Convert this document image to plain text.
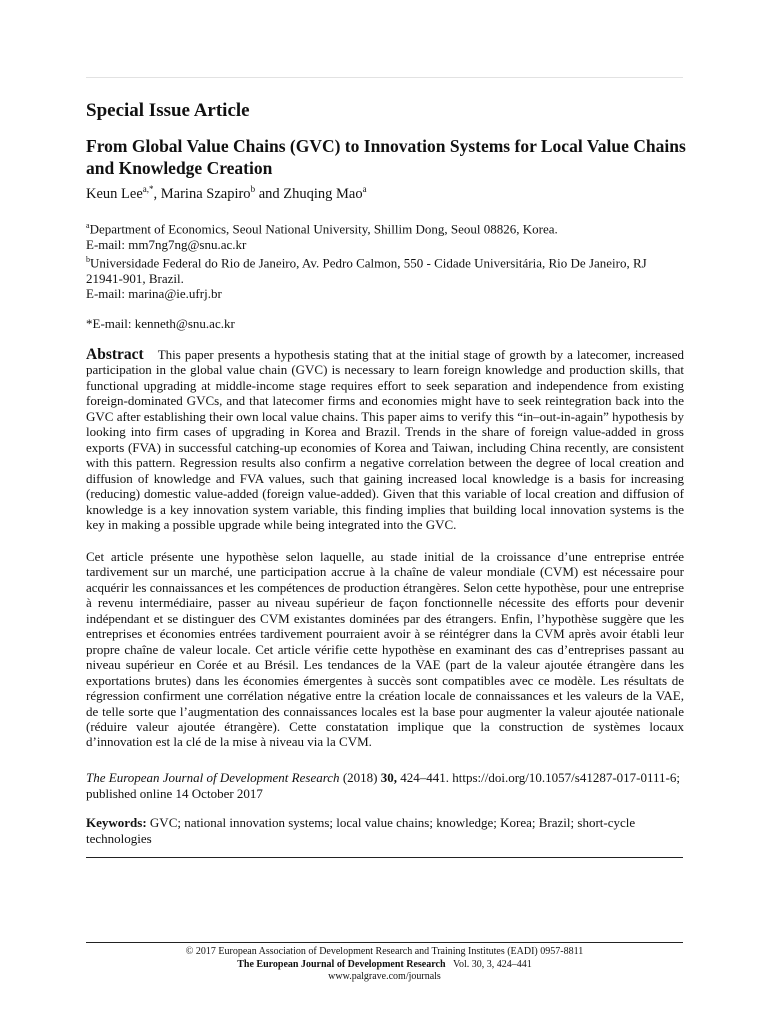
Special Issue Article
From Global Value Chains (GVC) to Innovation Systems for Local Value Chains and Knowledge Creation
Keun Lee$^{a,*}$, Marina Szapiro$^b$ and Zhuqing Mao$^a$
$^a$Department of Economics, Seoul National University, Shillim Dong, Seoul 08826, Korea.
E-mail: mm7ng7ng@snu.ac.kr
$^b$Universidade Federal do Rio de Janeiro, Av. Pedro Calmon, 550 - Cidade Universitária, Rio De Janeiro, RJ 21941-901, Brazil.
E-mail: marina@ie.ufrj.br
*E-mail: kenneth@snu.ac.kr
Abstract This paper presents a hypothesis stating that at the initial stage of growth by a latecomer, increased participation in the global value chain (GVC) is necessary to learn foreign knowledge and production skills, that functional upgrading at middle-income stage requires effort to seek separation and independence from existing foreign-dominated GVCs, and that latecomer firms and economies might have to seek reintegration back into the GVC after establishing their own local value chains. This paper aims to verify this “in–out-in-again” hypothesis by looking into firm cases of upgrading in Korea and Brazil. Trends in the share of foreign value-added in gross exports (FVA) in successful catching-up economies of Korea and Taiwan, including China recently, are consistent with this pattern. Regression results also confirm a negative correlation between the degree of local creation and diffusion of knowledge and FVA values, such that gaining increased local knowledge is a basis for increasing (reducing) domestic value-added (foreign value-added). Given that this variable of local creation and diffusion of knowledge is a key innovation system variable, this finding implies that building local innovation systems is the key in making a possible upgrade while being integrated into the GVC.
Cet article présente une hypothèse selon laquelle, au stade initial de la croissance d’une entreprise entrée tardivement sur un marché, une participation accrue à la chaîne de valeur mondiale (CVM) est nécessaire pour acquérir les connaissances et les compétences de production étrangères. Selon cette hypothèse, pour une entreprise à revenu intermédiaire, passer au niveau supérieur de façon fonctionnelle nécessite des efforts pour devenir indépendant et se distinguer des CVM existantes dominées par des étrangers. Enfin, l’hypothèse suggère que les entreprises et économies entrées tardivement pourraient avoir à se réintégrer dans la CVM après avoir établi leur propre chaîne de valeur locale. Cet article vérifie cette hypothèse en examinant des cas d’entreprises passant au niveau supérieur en Corée et au Brésil. Les tendances de la VAE (part de la valeur ajoutée étrangère dans les exportations brutes) dans les économies émergentes à succès sont compatibles avec ce modèle. Les résultats de régression confirment une corrélation négative entre la création locale de connaissances et les valeurs de la VAE, de telle sorte que l’augmentation des connaissances locales est la base pour augmenter la valeur ajoutée nationale (réduire valeur ajoutée étrangère). Cette constatation implique que la construction de systèmes locaux d’innovation est la clé de la mise à niveau via la CVM.
The European Journal of Development Research (2018) 30, 424–441. https://doi.org/10.1057/s41287-017-0111-6; published online 14 October 2017
Keywords: GVC; national innovation systems; local value chains; knowledge; Korea; Brazil; short-cycle technologies
© 2017 European Association of Development Research and Training Institutes (EADI) 0957-8811
The European Journal of Development Research Vol. 30, 3, 424–441
www.palgrave.com/journals
